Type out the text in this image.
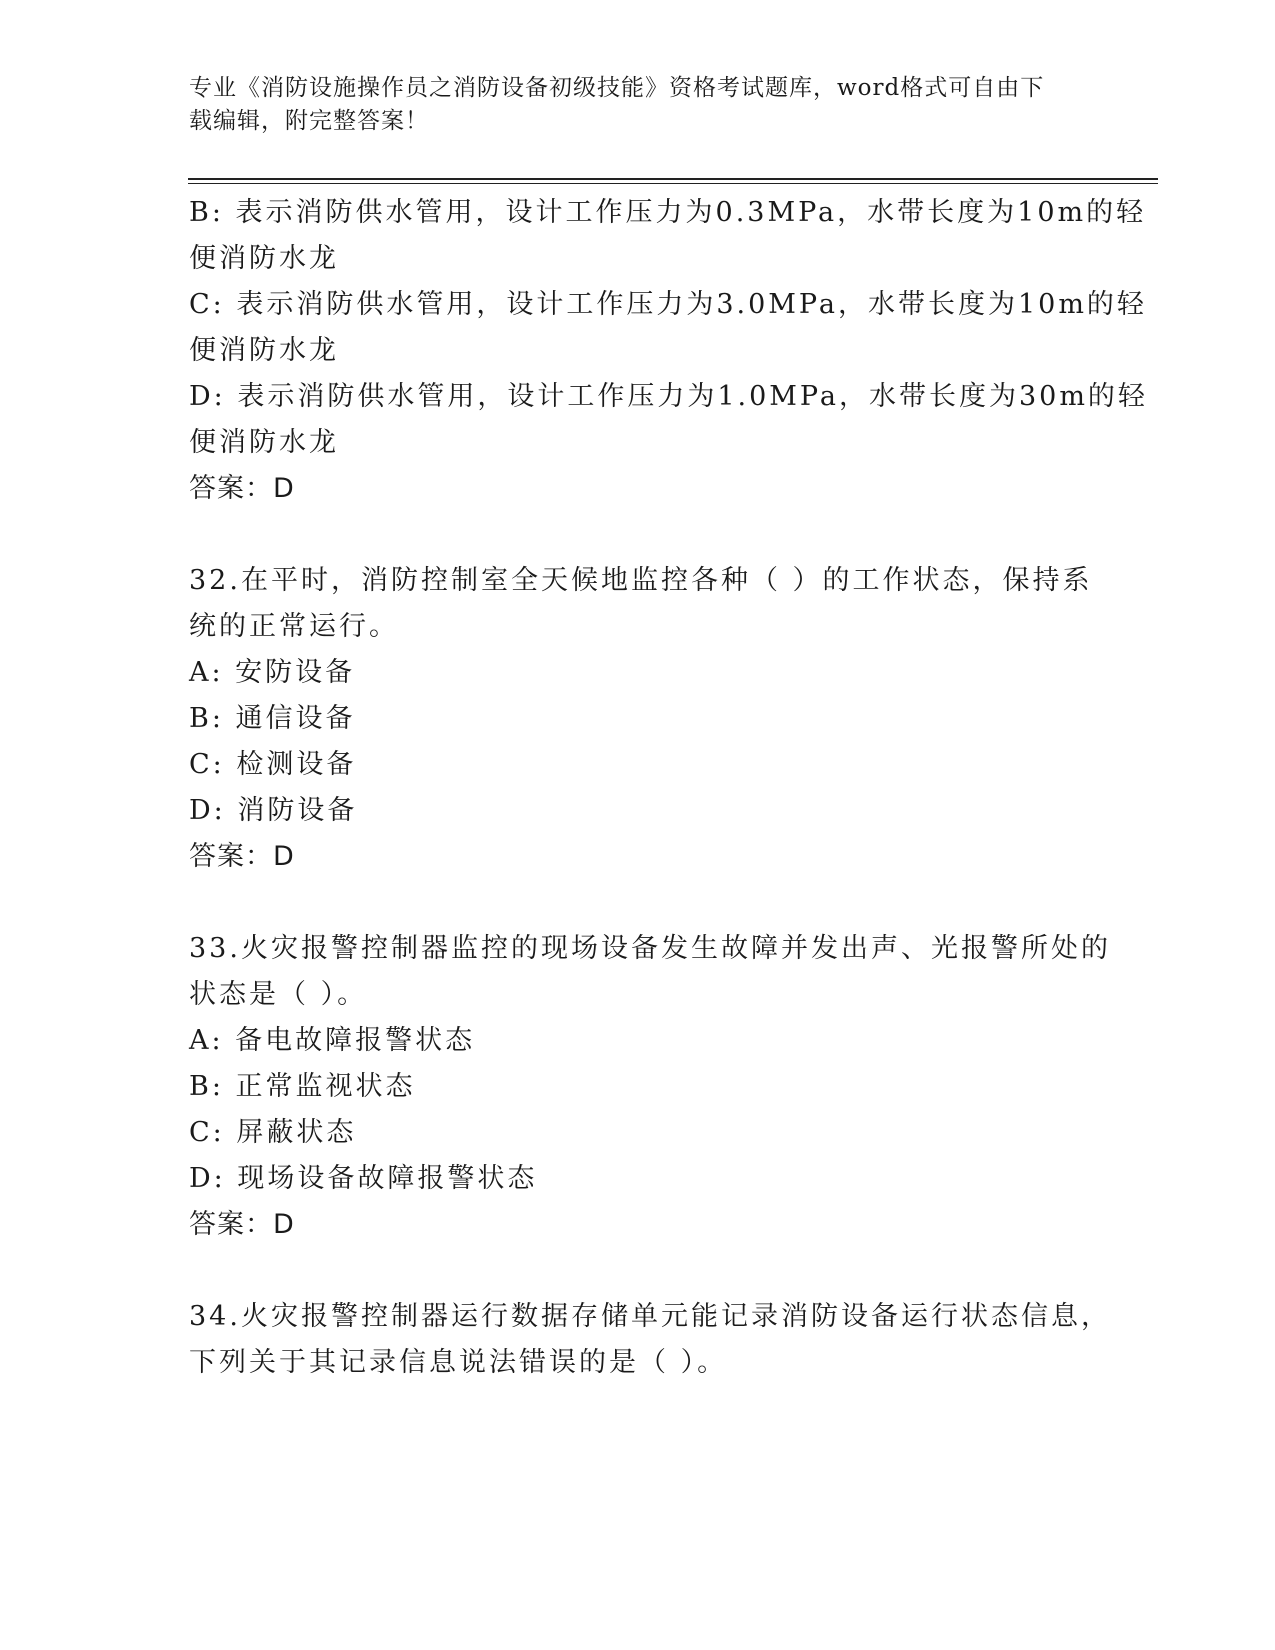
专业《消防设施操作员之消防设备初级技能》资格考试题库，word格式可自由下
载编辑，附完整答案！
B: 表示消防供水管用，设计工作压力为0.3MPa，水带长度为10m的轻
便消防水龙
C: 表示消防供水管用，设计工作压力为3.0MPa，水带长度为10m的轻
便消防水龙
D: 表示消防供水管用，设计工作压力为1.0MPa，水带长度为30m的轻
便消防水龙
答案：D
32.在平时，消防控制室全天候地监控各种（ ）的工作状态，保持系
统的正常运行。
A: 安防设备
B: 通信设备
C: 检测设备
D: 消防设备
答案：D
33.火灾报警控制器监控的现场设备发生故障并发出声、光报警所处的
状态是（ ）。
A: 备电故障报警状态
B: 正常监视状态
C: 屏蔽状态
D: 现场设备故障报警状态
答案：D
34.火灾报警控制器运行数据存储单元能记录消防设备运行状态信息，
下列关于其记录信息说法错误的是（ ）。
